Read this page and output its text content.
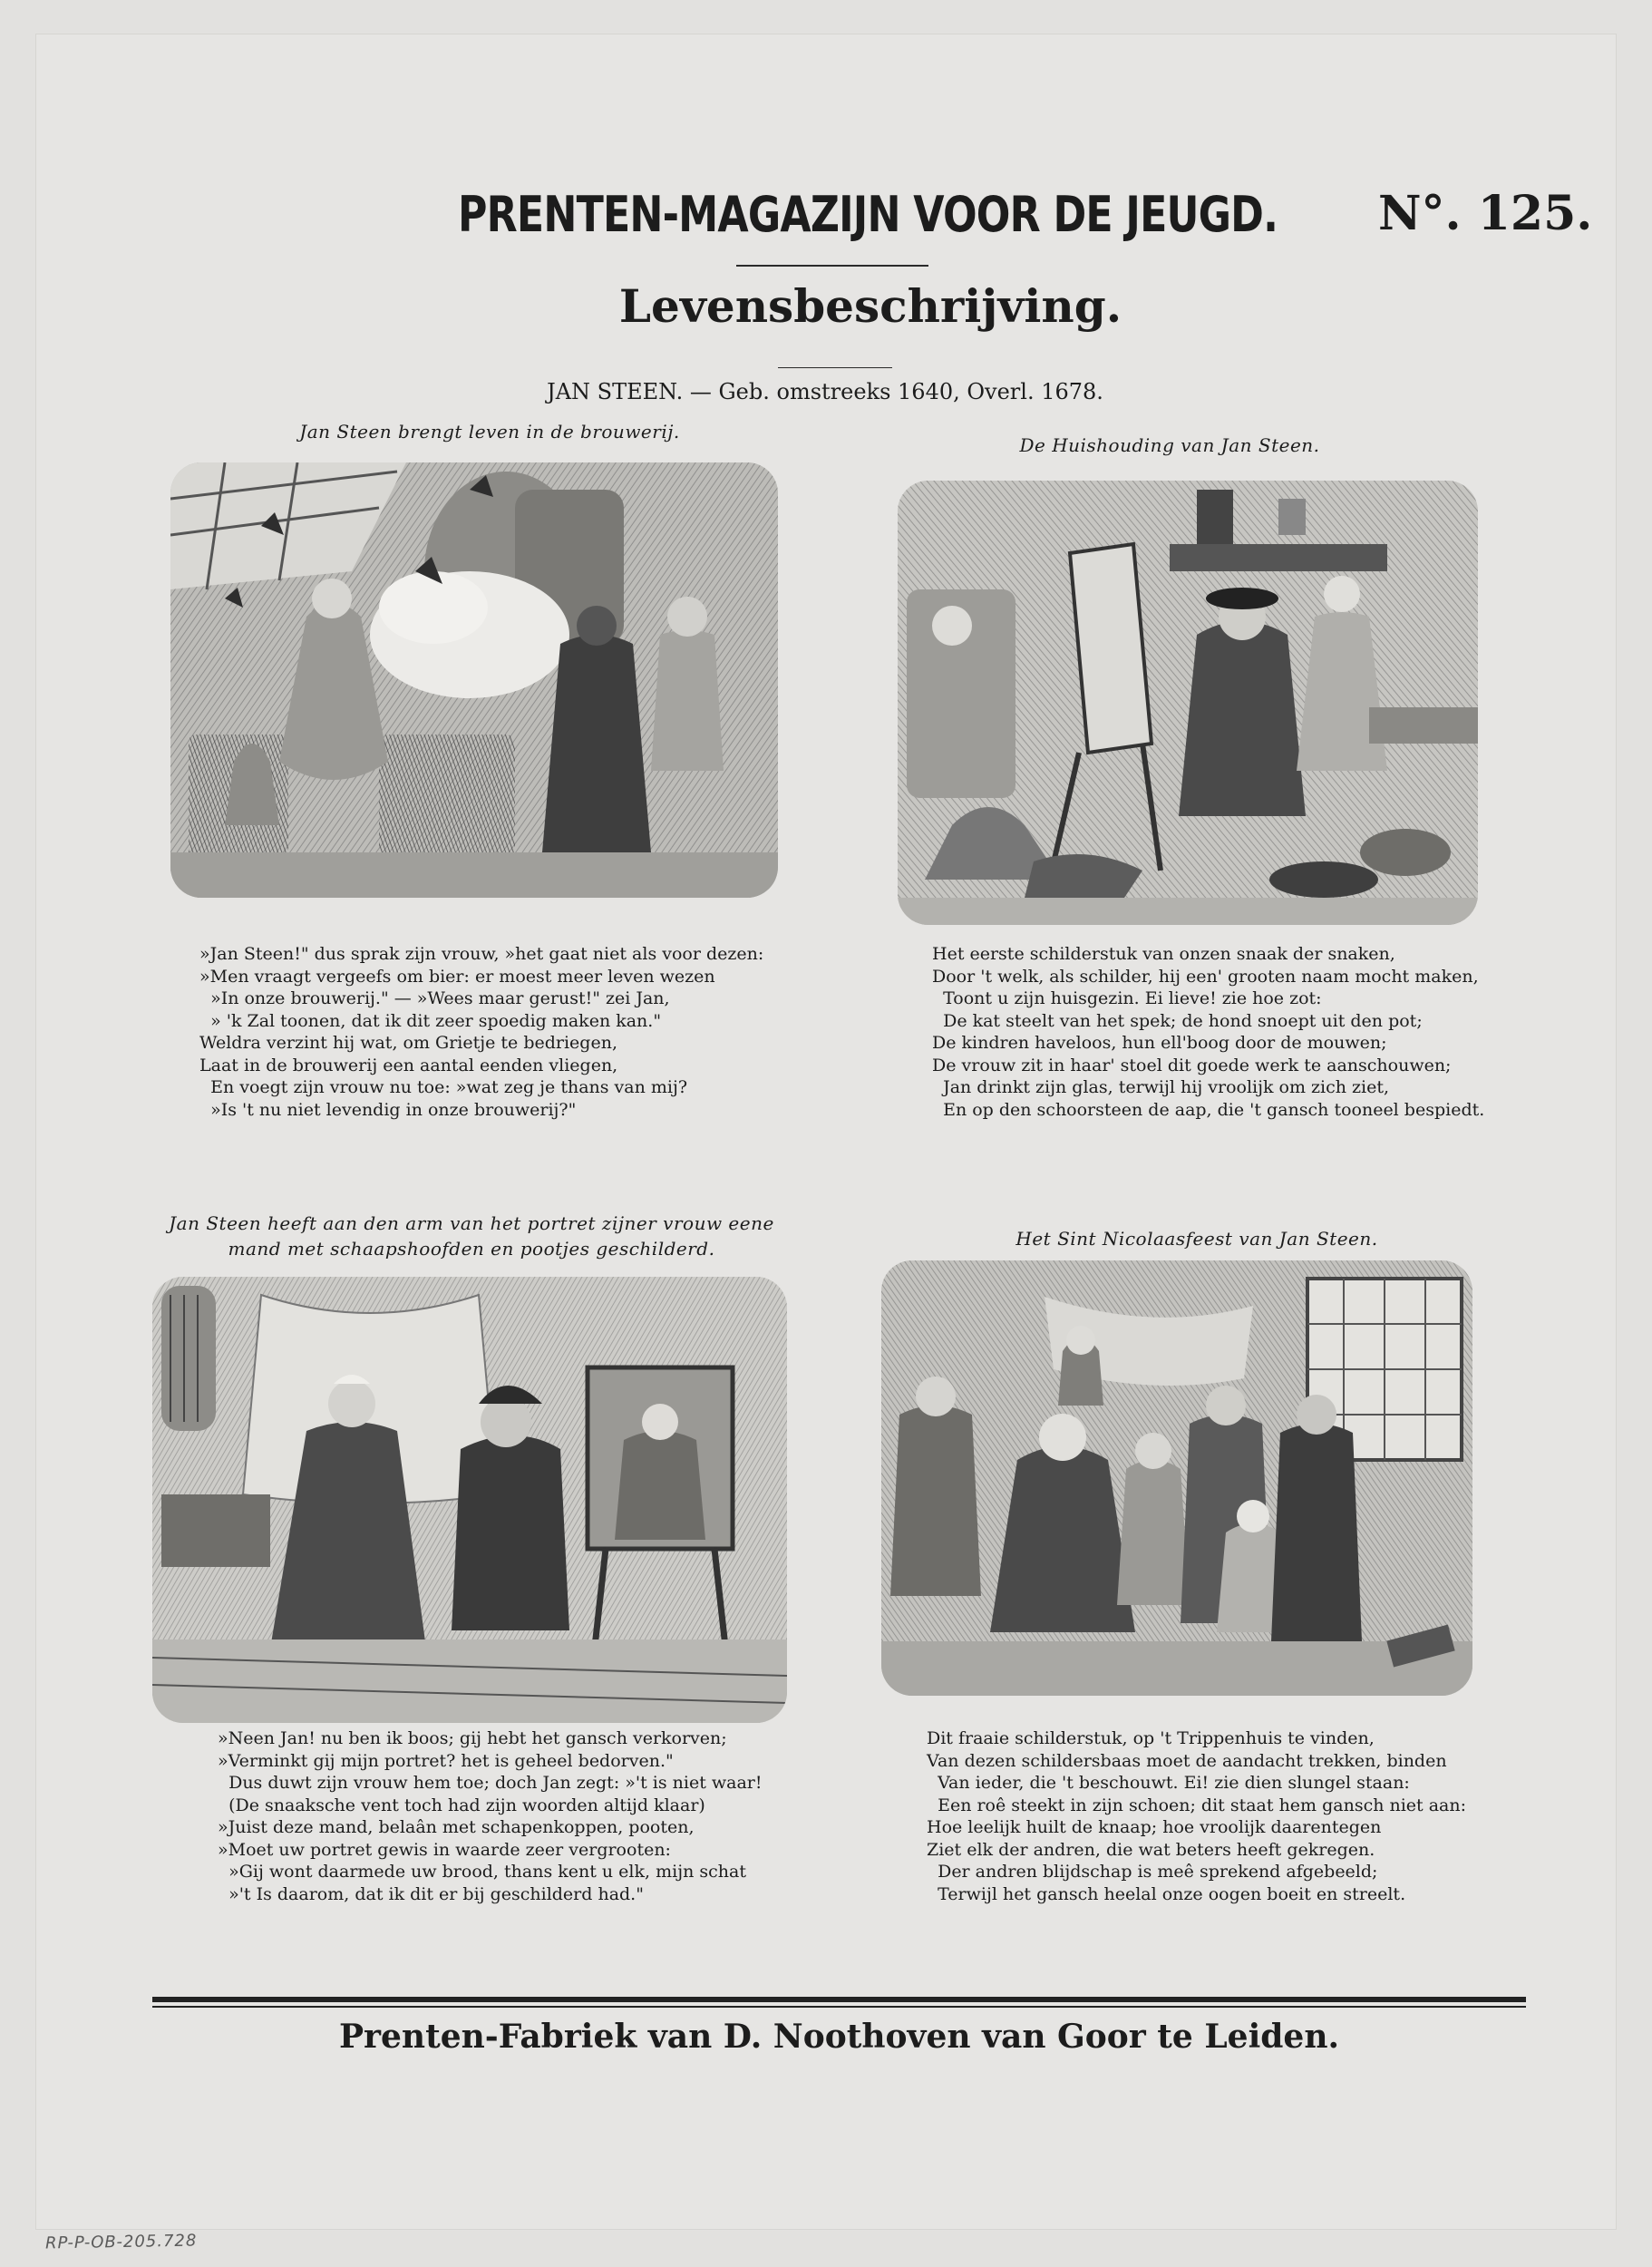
PRENTEN-MAGAZIJN VOOR DE JEUGD. N°. 125.
Levensbeschrijving.
JAN STEEN. — Geb. omstreeks 1640, Overl. 1678.
Jan Steen brengt leven in de brouwerij.
»Jan Steen!" dus sprak zijn vrouw, »het gaat niet als voor dezen:
»Men vraagt vergeefs om bier: er moest meer leven wezen
»In onze brouwerij." — »Wees maar gerust!" zei Jan,
» 'k Zal toonen, dat ik dit zeer spoedig maken kan."
Weldra verzint hij wat, om Grietje te bedriegen,
Laat in de brouwerij een aantal eenden vliegen,
En voegt zijn vrouw nu toe: »wat zeg je thans van mij?
»Is 't nu niet levendig in onze brouwerij?"
De Huishouding van Jan Steen.
Het eerste schilderstuk van onzen snaak der snaken,
Door 't welk, als schilder, hij een' grooten naam mocht maken,
Toont u zijn huisgezin. Ei lieve! zie hoe zot:
De kat steelt van het spek; de hond snoept uit den pot;
De kindren haveloos, hun ell'boog door de mouwen;
De vrouw zit in haar' stoel dit goede werk te aanschouwen;
Jan drinkt zijn glas, terwijl hij vroolijk om zich ziet,
En op den schoorsteen de aap, die 't gansch tooneel bespiedt.
Jan Steen heeft aan den arm van het portret zijner vrouw eene mand met schaapshoofden en pootjes geschilderd.
»Neen Jan! nu ben ik boos; gij hebt het gansch verkorven;
»Verminkt gij mijn portret? het is geheel bedorven."
Dus duwt zijn vrouw hem toe; doch Jan zegt: »'t is niet waar!
(De snaaksche vent toch had zijn woorden altijd klaar)
»Juist deze mand, belaân met schapenkoppen, pooten,
»Moet uw portret gewis in waarde zeer vergrooten:
»Gij wont daarmede uw brood, thans kent u elk, mijn schat
»'t Is daarom, dat ik dit er bij geschilderd had."
Het Sint Nicolaasfeest van Jan Steen.
Dit fraaie schilderstuk, op 't Trippenhuis te vinden,
Van dezen schildersbaas moet de aandacht trekken, binden
Van ieder, die 't beschouwt. Ei! zie dien slungel staan:
Een roê steekt in zijn schoen; dit staat hem gansch niet aan:
Hoe leelijk huilt de knaap; hoe vroolijk daarentegen
Ziet elk der andren, die wat beters heeft gekregen.
Der andren blijdschap is meê sprekend afgebeeld;
Terwijl het gansch heelal onze oogen boeit en streelt.
Prenten-Fabriek van D. Noothoven van Goor te Leiden.
RP-P-OB-205.728
